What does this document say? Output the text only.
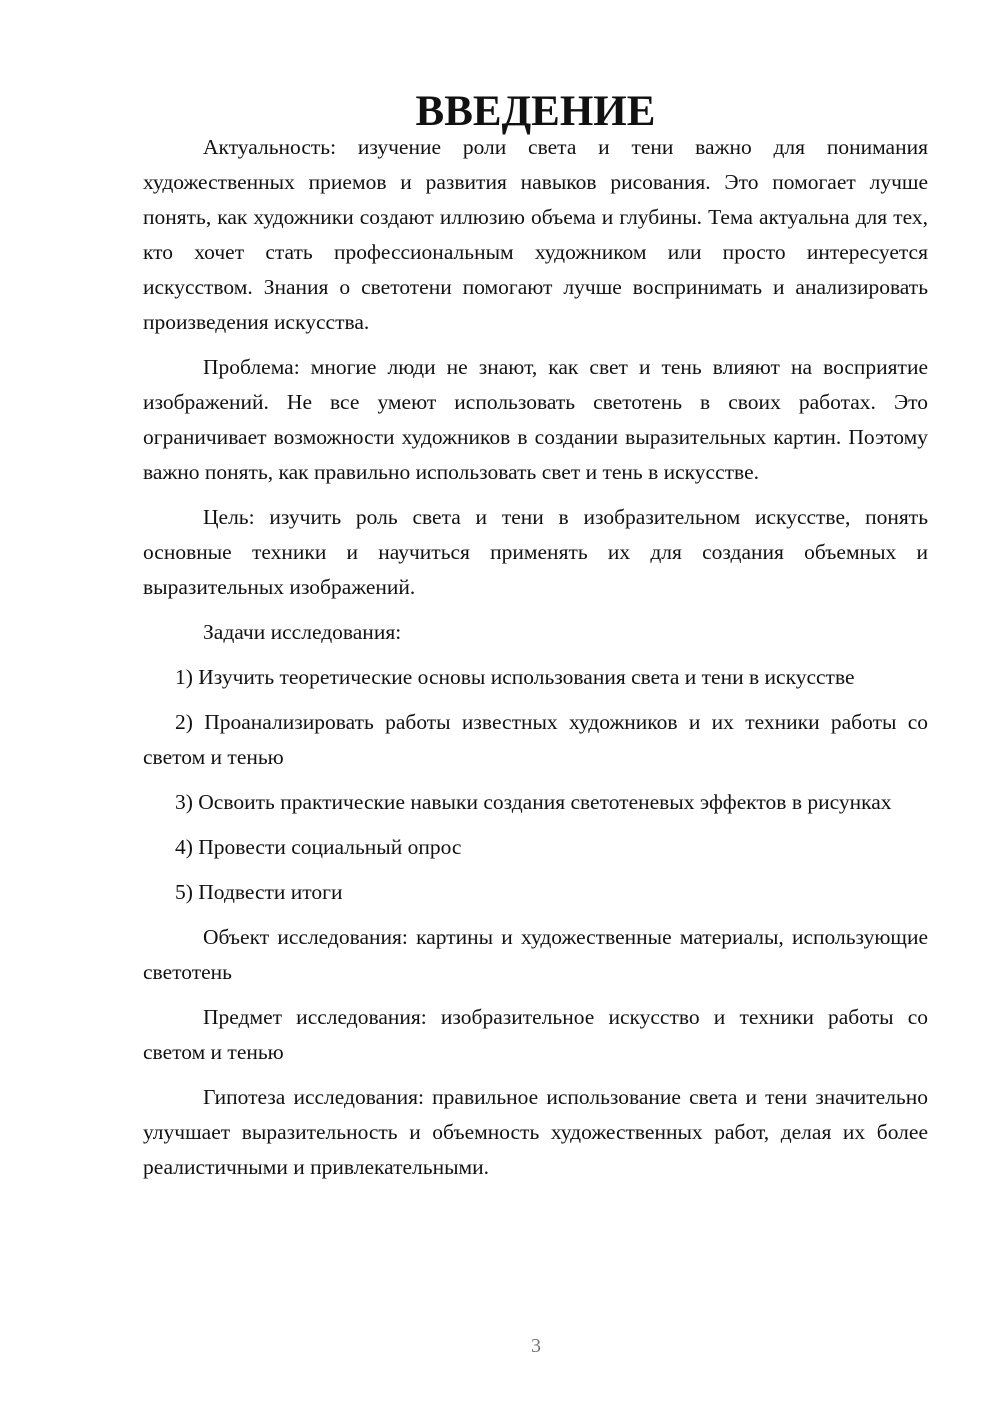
ВВЕДЕНИЕ

Актуальность: изучение роли света и тени важно для понимания художественных приемов и развития навыков рисования. Это помогает лучше понять, как художники создают иллюзию объема и глубины. Тема актуальна для тех, кто хочет стать профессиональным художником или просто интересуется искусством. Знания о светотени помогают лучше воспринимать и анализировать произведения искусства.

Проблема: многие люди не знают, как свет и тень влияют на восприятие изображений. Не все умеют использовать светотень в своих работах. Это ограничивает возможности художников в создании выразительных картин. Поэтому важно понять, как правильно использовать свет и тень в искусстве.

Цель: изучить роль света и тени в изобразительном искусстве, понять основные техники и научиться применять их для создания объемных и выразительных изображений.

Задачи исследования:

1) Изучить теоретические основы использования света и тени в искусстве

2) Проанализировать работы известных художников и их техники работы со светом и тенью

3) Освоить практические навыки создания светотеневых эффектов в рисунках

4) Провести социальный опрос

5) Подвести итоги

Объект исследования: картины и художественные материалы, использующие светотень

Предмет исследования: изобразительное искусство и техники работы со светом и тенью

Гипотеза исследования: правильное использование света и тени значительно улучшает выразительность и объемность художественных работ, делая их более реалистичными и привлекательными.

3
